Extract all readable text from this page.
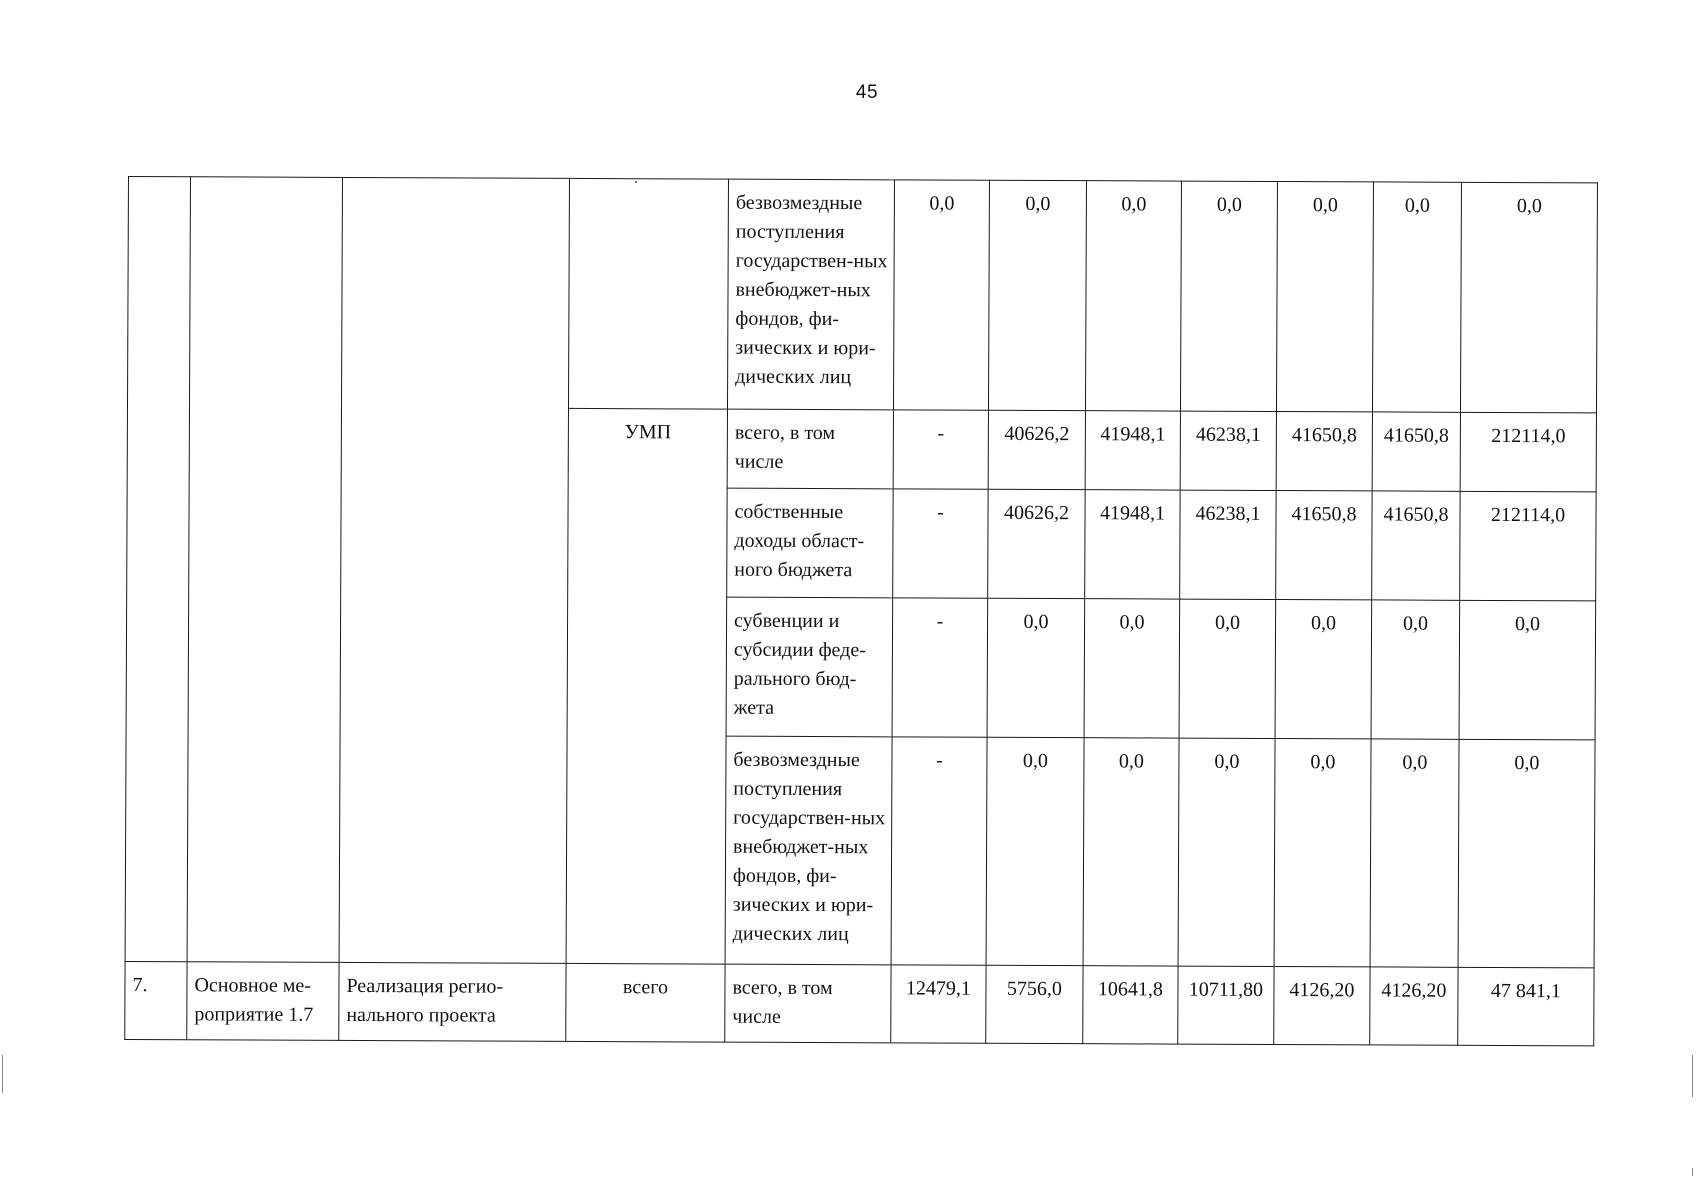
45
				безвозмездные поступления государствен-ных внебюджет-ных фондов, фи-зических и юри-дических лиц	0,0	0,0	0,0	0,0	0,0	0,0	0,0
			УМП	всего, в том числе	-	40626,2	41948,1	46238,1	41650,8	41650,8	212114,0
				собственные доходы област-ного бюджета	-	40626,2	41948,1	46238,1	41650,8	41650,8	212114,0
				субвенции и субсидии феде-рального бюд-жета	-	0,0	0,0	0,0	0,0	0,0	0,0
				безвозмездные поступления государствен-ных внебюджет-ных фондов, фи-зических и юри-дических лиц	-	0,0	0,0	0,0	0,0	0,0	0,0
7.	Основное ме-роприятие 1.7	Реализация регио-нального проекта	всего	всего, в том числе	12479,1	5756,0	10641,8	10711,80	4126,20	4126,20	47 841,1
